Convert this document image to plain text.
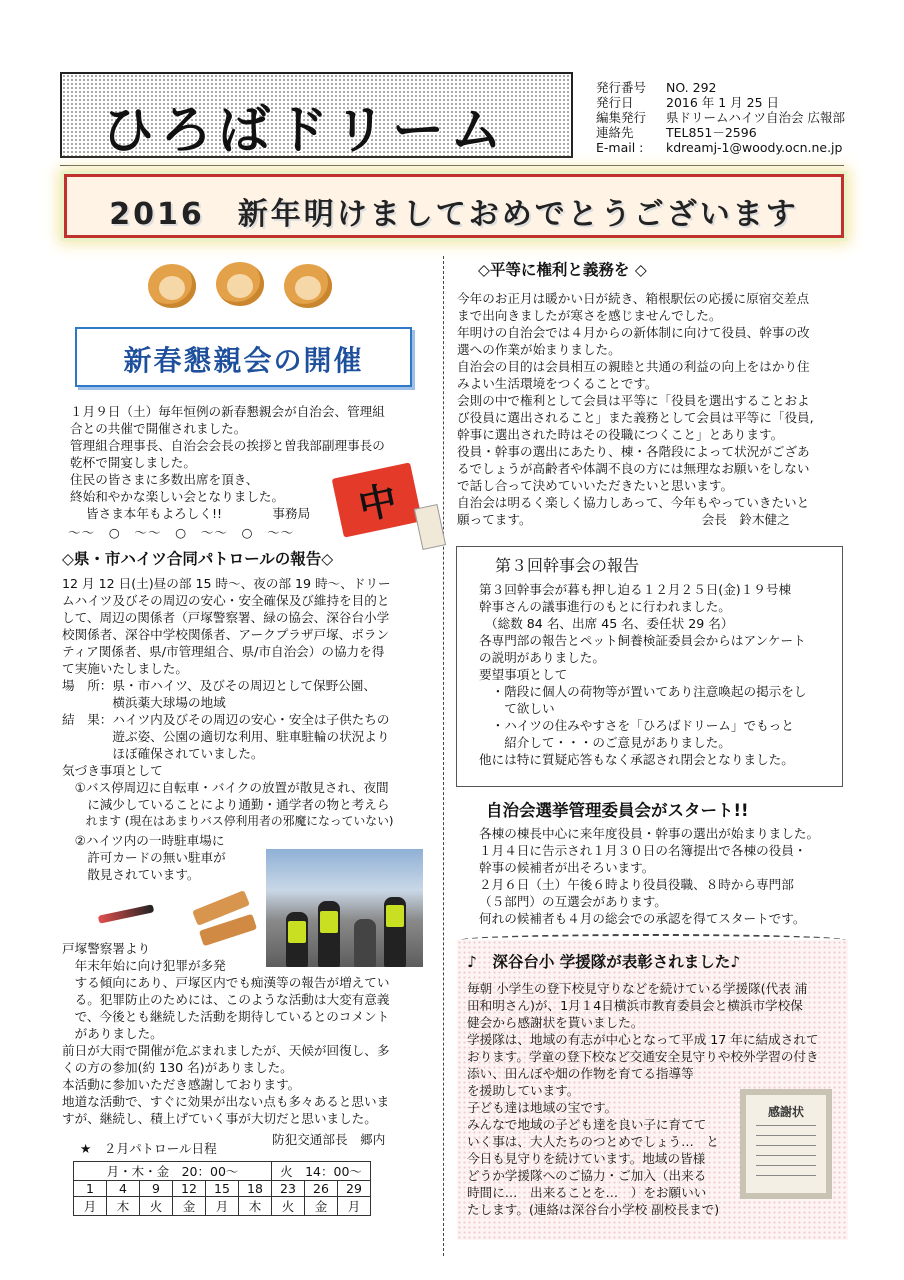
ひろばドリーム
発行番号 NO. 292
発行日	2016 年 1 月 25 日
編集発行 県ドリームハイツ自治会 広報部
連絡先	TEL851－2596
E-mail : kdreamj-1@woody.ocn.ne.jp
2016　新年明けましておめでとうございます
新春懇親会の開催
１月９日（土）毎年恒例の新春懇親会が自治会、管理組
合との共催で開催されました。
管理組合理事長、自治会会長の挨拶と曽我部副理事長の
乾杯で開宴しました。
住民の皆さまに多数出席を頂き、
終始和やかな楽しい会となりました。
皆さま本年もよろしく!!　　　　事務局
～～　○　～～　○　～～　○　～～
中
◇県・市ハイツ合同パトロールの報告◇
12 月 12 日(土)昼の部 15 時～、夜の部 19 時～、ドリー
ムハイツ及びその周辺の安心・安全確保及び維持を目的と
して、周辺の関係者（戸塚警察署、緑の協会、深谷台小学
校関係者、深谷中学校関係者、アークプラザ戸塚、ボラン
ティア関係者、県/市管理組合、県/市自治会）の協力を得
て実施いたしました。
場　所：県・市ハイツ、及びその周辺として保野公園、
　　　　横浜薬大球場の地域
結　果：ハイツ内及びその周辺の安心・安全は子供たちの
　　　　遊ぶ姿、公園の適切な利用、駐車駐輪の状況より
　　　　ほぼ確保されていました。
気づき事項として
　①バス停周辺に自転車・バイクの放置が散見され、夜間
　　に減少していることにより通勤・通学者の物と考えら
　　れます (現在はあまりバス停利用者の邪魔になっていない)
　②ハイツ内の一時駐車場に
　　許可カードの無い駐車が
　　散見されています。
戸塚警察署より
　年末年始に向け犯罪が多発
　する傾向にあり、戸塚区内でも痴漢等の報告が増えてい
　る。犯罪防止のためには、このような活動は大変有意義
　で、今後とも継続した活動を期待しているとのコメント
　がありました。
前日が大雨で開催が危ぶまれましたが、天候が回復し、多
くの方の参加(約 130 名)がありました。
本活動に参加いただき感謝しております。
地道な活動で、すぐに効果が出ない点も多々あると思いま
すが、継続し、積上げていく事が大切だと思いました。
防犯交通部長　郷内
★　２月パトロール日程
月・木・金　20：00～						火　14：00～		
1	4	9	12	15	18	23	26	29
月	木	火	金	月	木	火	金	月
◇平等に権利と義務を ◇
今年のお正月は暖かい日が続き、箱根駅伝の応援に原宿交差点
まで出向きましたが寒さを感じませんでした。
年明けの自治会では４月からの新体制に向けて役員、幹事の改
選への作業が始まりました。
自治会の目的は会員相互の親睦と共通の利益の向上をはかり住
みよい生活環境をつくることです。
会則の中で権利として会員は平等に「役員を選出することおよ
び役員に選出されること」また義務として会員は平等に「役員,
幹事に選出された時はその役職につくこと」とあります。
役員・幹事の選出にあたり、棟・各階段によって状況がござあ
るでしょうが高齢者や体調不良の方には無理なお願いをしない
で話し合って決めていいただきたいと思います。
自治会は明るく楽しく協力しあって、今年もやっていきたいと
願ってます。　　　　　　　　　　　　　　会長　鈴木健之
第３回幹事会の報告
第３回幹事会が暮も押し迫る１２月２５日(金)１９号棟
幹事さんの議事進行のもとに行われました。
（総数 84 名、出席 45 名、委任状 29 名）
各専門部の報告とペット飼養検証委員会からはアンケート
の説明がありました。
要望事項として
　・階段に個人の荷物等が置いてあり注意喚起の掲示をし
　　て欲しい
　・ハイツの住みやすさを「ひろばドリーム」でもっと
　　紹介して・・・のご意見がありました。
他には特に質疑応答もなく承認され閉会となりました。
自治会選挙管理委員会がスタート!!
各棟の棟長中心に来年度役員・幹事の選出が始まりました。
１月４日に告示され１月３０日の名簿提出で各棟の役員・
幹事の候補者が出そろいます。
２月６日（土）午後６時より役員役職、８時から専門部
（５部門）の互選会があります。
何れの候補者も４月の総会での承認を得てスタートです。
♪　深谷台小 学援隊が表彰されました♪
毎朝 小学生の登下校見守りなどを続けている学援隊(代表 浦
田和明さん)が、1月１4日横浜市教育委員会と横浜市学校保
健会から感謝状を貰いました。
学援隊は、地域の有志が中心となって平成 17 年に結成されて
おります。学童の登下校など交通安全見守りや校外学習の付き
添い、田んぼや畑の作物を育てる指導等
を援助しています。
子ども達は地域の宝です。
みんなで地域の子ども達を良い子に育てて
いく事は、大人たちのつとめでしょう…　と
今日も見守りを続けています。地域の皆様
どうか学援隊へのご協力・ご加入（出来る
時間に…　出来ることを…　）をお願いい
たします。(連絡は深谷台小学校 副校長まで)
感謝状
